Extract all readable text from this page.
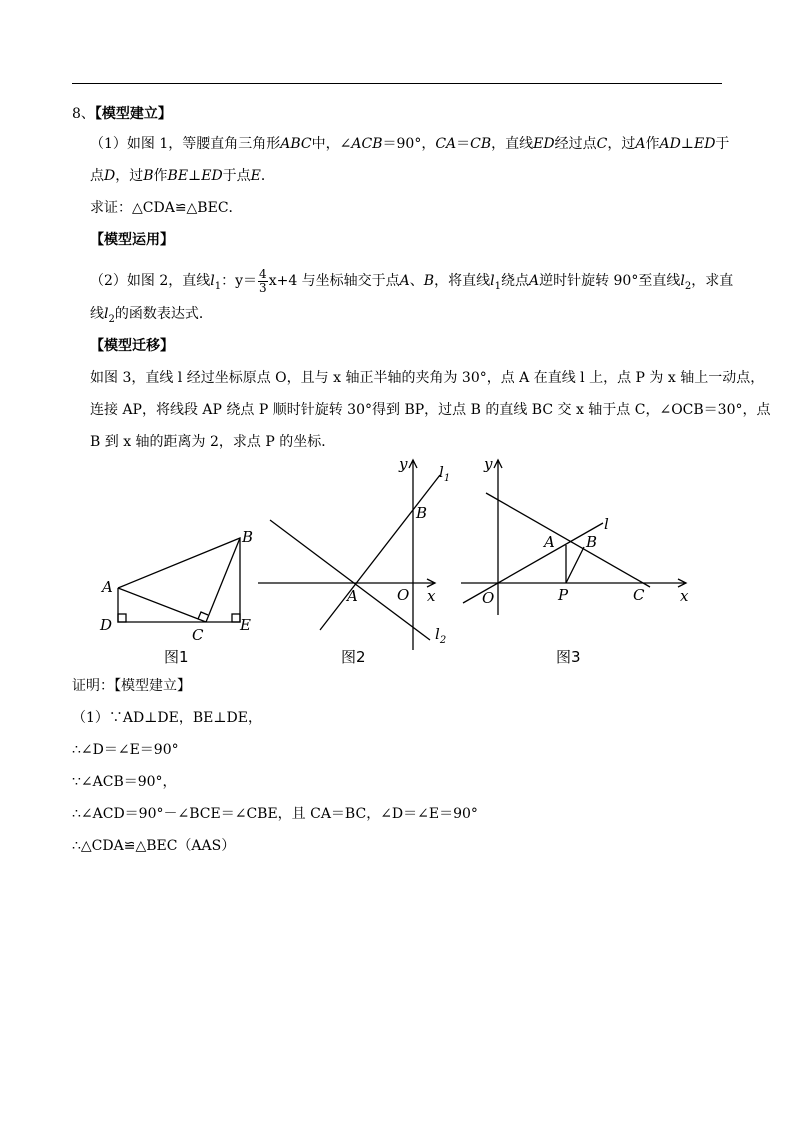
8、【模型建立】
（1）如图 1，等腰直角三角形ABC中，∠ACB＝90°，CA＝CB，直线ED经过点C，过A作AD⊥ED于
点D，过B作BE⊥ED于点E．
求证：△CDA≌△BEC．
【模型运用】
（2）如图 2，直线$l_1$：$y= \frac{4}{3} x+4$ 与坐标轴交于点A、B，将直线$l_1$绕点A逆时针旋转 90°至直线$l_2$，求直
线$l_2$的函数表达式．
【模型迁移】
如图 3，直线 l 经过坐标原点 O，且与 x 轴正半轴的夹角为 30°，点 A 在直线 l 上，点 P 为 x 轴上一动点，
连接 AP，将线段 AP 绕点 P 顺时针旋转 30°得到 BP，过点 B 的直线 BC 交 x 轴于点 C，∠OCB＝30°，点
B 到 x 轴的距离为 2，求点 P 的坐标．
A
B
C
D	E
图1
y $l_1$
B
A	O x
$l_2$
图2
y
l
A B
O	P	C x
图3
证明：【模型建立】
（1）∵AD⊥DE，BE⊥DE，
∴∠D＝∠E＝90°
∵∠ACB＝90°，
∴∠ACD＝90°－∠BCE＝∠CBE，且 CA＝BC，∠D＝∠E＝90°
∴△CDA≌△BEC（AAS）
